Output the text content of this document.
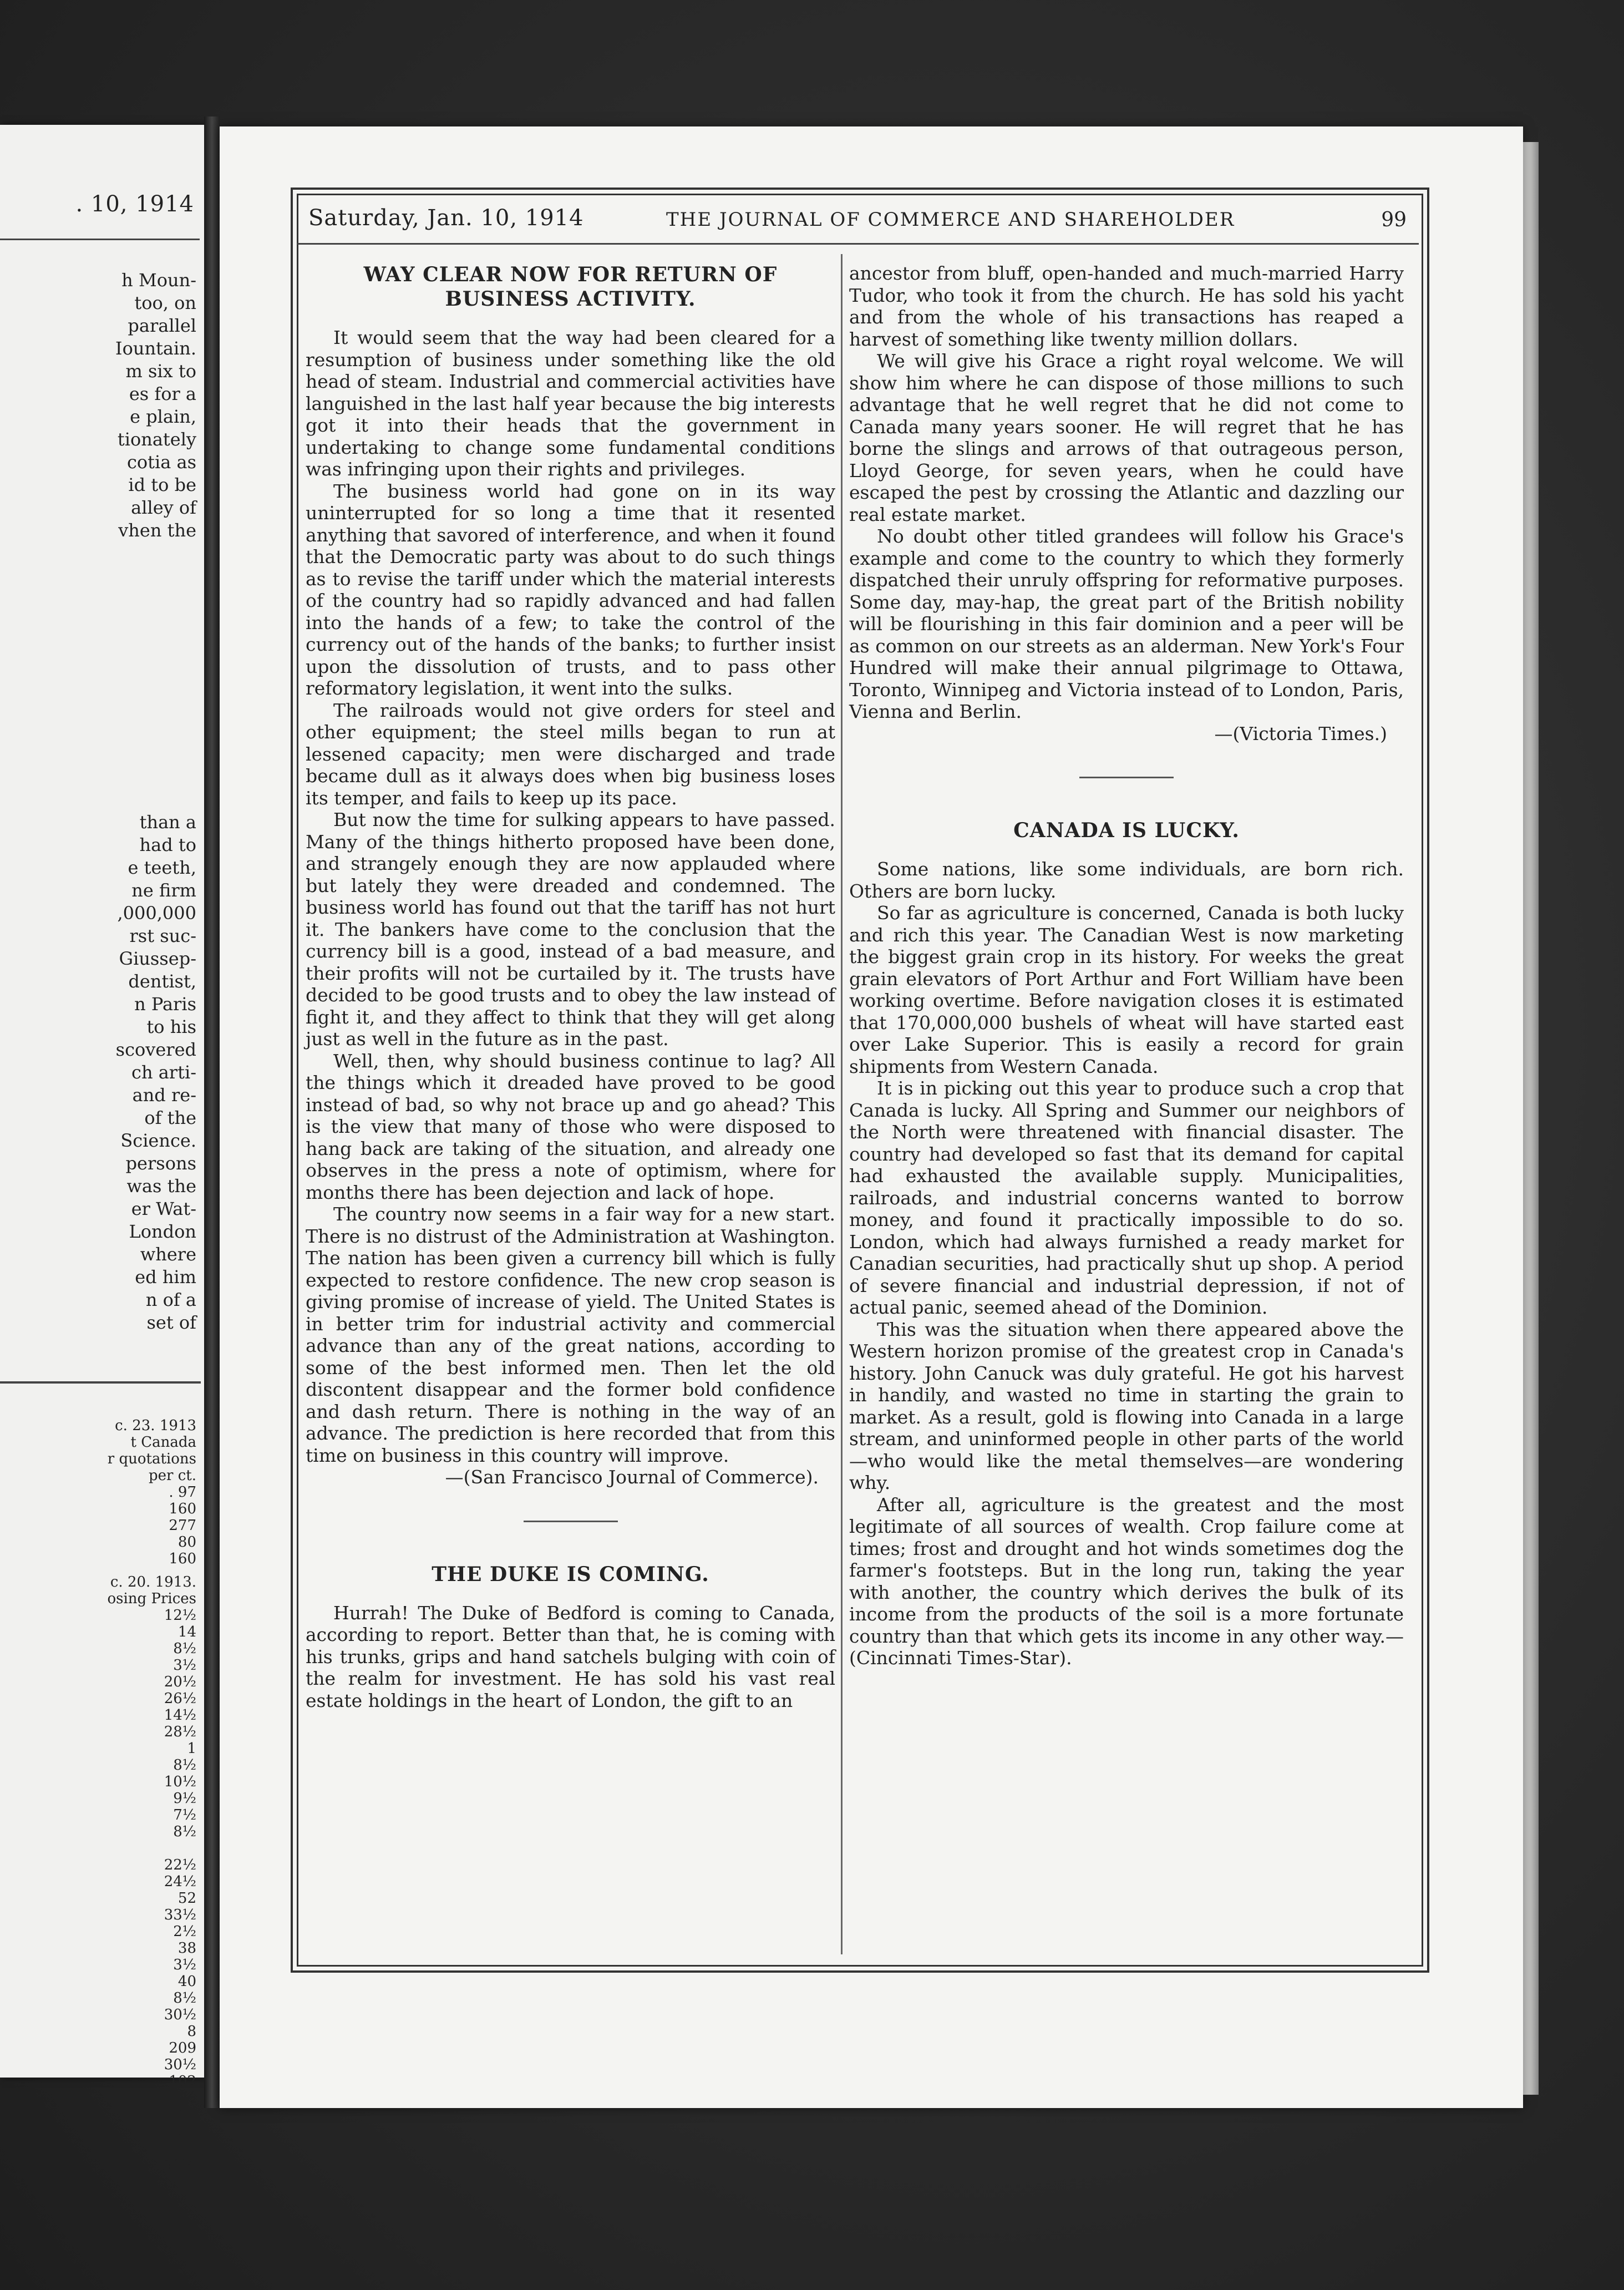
. 10, 1914
h Moun-
too, on
parallel
Iountain.
m six to
es for a
e plain,
tionately
cotia as
id to be
alley of
vhen the
than a
had to
e teeth,
ne firm
,000,000
rst suc-
Giussep-
dentist,
n Paris
to his
scovered
ch arti-
and re-
of the
Science.
persons
was the
er Wat-
London
where
ed him
n of a
set of
c. 23. 1913
t Canada
r quotations
per ct.
. 97
160
277
80
160
c. 20. 1913.
osing Prices
12½
14
8½
3½
20½
26½
14½
28½
1
8½
10½
9½
7½
8½

22½
24½
52
33½
2½
38
3½
40
8½
30½
8
209
30½
102
3½
15
25
5
11½
Saturday, Jan. 10, 1914	THE JOURNAL OF COMMERCE AND SHAREHOLDER	99
WAY CLEAR NOW FOR RETURN OF BUSINESS ACTIVITY.

It would seem that the way had been cleared for a resumption of business under something like the old head of steam. Industrial and commercial activities have languished in the last half year because the big interests got it into their heads that the government in undertaking to change some fundamental conditions was infringing upon their rights and privileges.

The business world had gone on in its way uninterrupted for so long a time that it resented anything that savored of interference, and when it found that the Democratic party was about to do such things as to revise the tariff under which the material interests of the country had so rapidly advanced and had fallen into the hands of a few; to take the control of the currency out of the hands of the banks; to further insist upon the dissolution of trusts, and to pass other reformatory legislation, it went into the sulks.

The railroads would not give orders for steel and other equipment; the steel mills began to run at lessened capacity; men were discharged and trade became dull as it always does when big business loses its temper, and fails to keep up its pace.

But now the time for sulking appears to have passed. Many of the things hitherto proposed have been done, and strangely enough they are now applauded where but lately they were dreaded and condemned. The business world has found out that the tariff has not hurt it. The bankers have come to the conclusion that the currency bill is a good, instead of a bad measure, and their profits will not be curtailed by it. The trusts have decided to be good trusts and to obey the law instead of fight it, and they affect to think that they will get along just as well in the future as in the past.

Well, then, why should business continue to lag? All the things which it dreaded have proved to be good instead of bad, so why not brace up and go ahead? This is the view that many of those who were disposed to hang back are taking of the situation, and already one observes in the press a note of optimism, where for months there has been dejection and lack of hope.

The country now seems in a fair way for a new start. There is no distrust of the Administration at Washington. The nation has been given a currency bill which is fully expected to restore confidence. The new crop season is giving promise of increase of yield. The United States is in better trim for industrial activity and commercial advance than any of the great nations, according to some of the best informed men. Then let the old discontent disappear and the former bold confidence and dash return. There is nothing in the way of an advance. The prediction is here recorded that from this time on business in this country will improve.

—(San Francisco Journal of Commerce).

THE DUKE IS COMING.

Hurrah! The Duke of Bedford is coming to Canada, according to report. Better than that, he is coming with his trunks, grips and hand satchels bulging with coin of the realm for investment. He has sold his vast real estate holdings in the heart of London, the gift to an

ancestor from bluff, open-handed and much-married Harry Tudor, who took it from the church. He has sold his yacht and from the whole of his transactions has reaped a harvest of something like twenty million dollars.

We will give his Grace a right royal welcome. We will show him where he can dispose of those millions to such advantage that he well regret that he did not come to Canada many years sooner. He will regret that he has borne the slings and arrows of that outrageous person, Lloyd George, for seven years, when he could have escaped the pest by crossing the Atlantic and dazzling our real estate market.

No doubt other titled grandees will follow his Grace's example and come to the country to which they formerly dispatched their unruly offspring for reformative purposes. Some day, may-hap, the great part of the British nobility will be flourishing in this fair dominion and a peer will be as common on our streets as an alderman. New York's Four Hundred will make their annual pilgrimage to Ottawa, Toronto, Winnipeg and Victoria instead of to London, Paris, Vienna and Berlin.

—(Victoria Times.)

CANADA IS LUCKY.

Some nations, like some individuals, are born rich. Others are born lucky.

So far as agriculture is concerned, Canada is both lucky and rich this year. The Canadian West is now marketing the biggest grain crop in its history. For weeks the great grain elevators of Port Arthur and Fort William have been working overtime. Before navigation closes it is estimated that 170,000,000 bushels of wheat will have started east over Lake Superior. This is easily a record for grain shipments from Western Canada.

It is in picking out this year to produce such a crop that Canada is lucky. All Spring and Summer our neighbors of the North were threatened with financial disaster. The country had developed so fast that its demand for capital had exhausted the available supply. Municipalities, railroads, and industrial concerns wanted to borrow money, and found it practically impossible to do so. London, which had always furnished a ready market for Canadian securities, had practically shut up shop. A period of severe financial and industrial depression, if not of actual panic, seemed ahead of the Dominion.

This was the situation when there appeared above the Western horizon promise of the greatest crop in Canada's history. John Canuck was duly grateful. He got his harvest in handily, and wasted no time in starting the grain to market. As a result, gold is flowing into Canada in a large stream, and uninformed people in other parts of the world—who would like the metal themselves—are wondering why.

After all, agriculture is the greatest and the most legitimate of all sources of wealth. Crop failure come at times; frost and drought and hot winds sometimes dog the farmer's footsteps. But in the long run, taking the year with another, the country which derives the bulk of its income from the products of the soil is a more fortunate country than that which gets its income in any other way.—(Cincinnati Times-Star).
